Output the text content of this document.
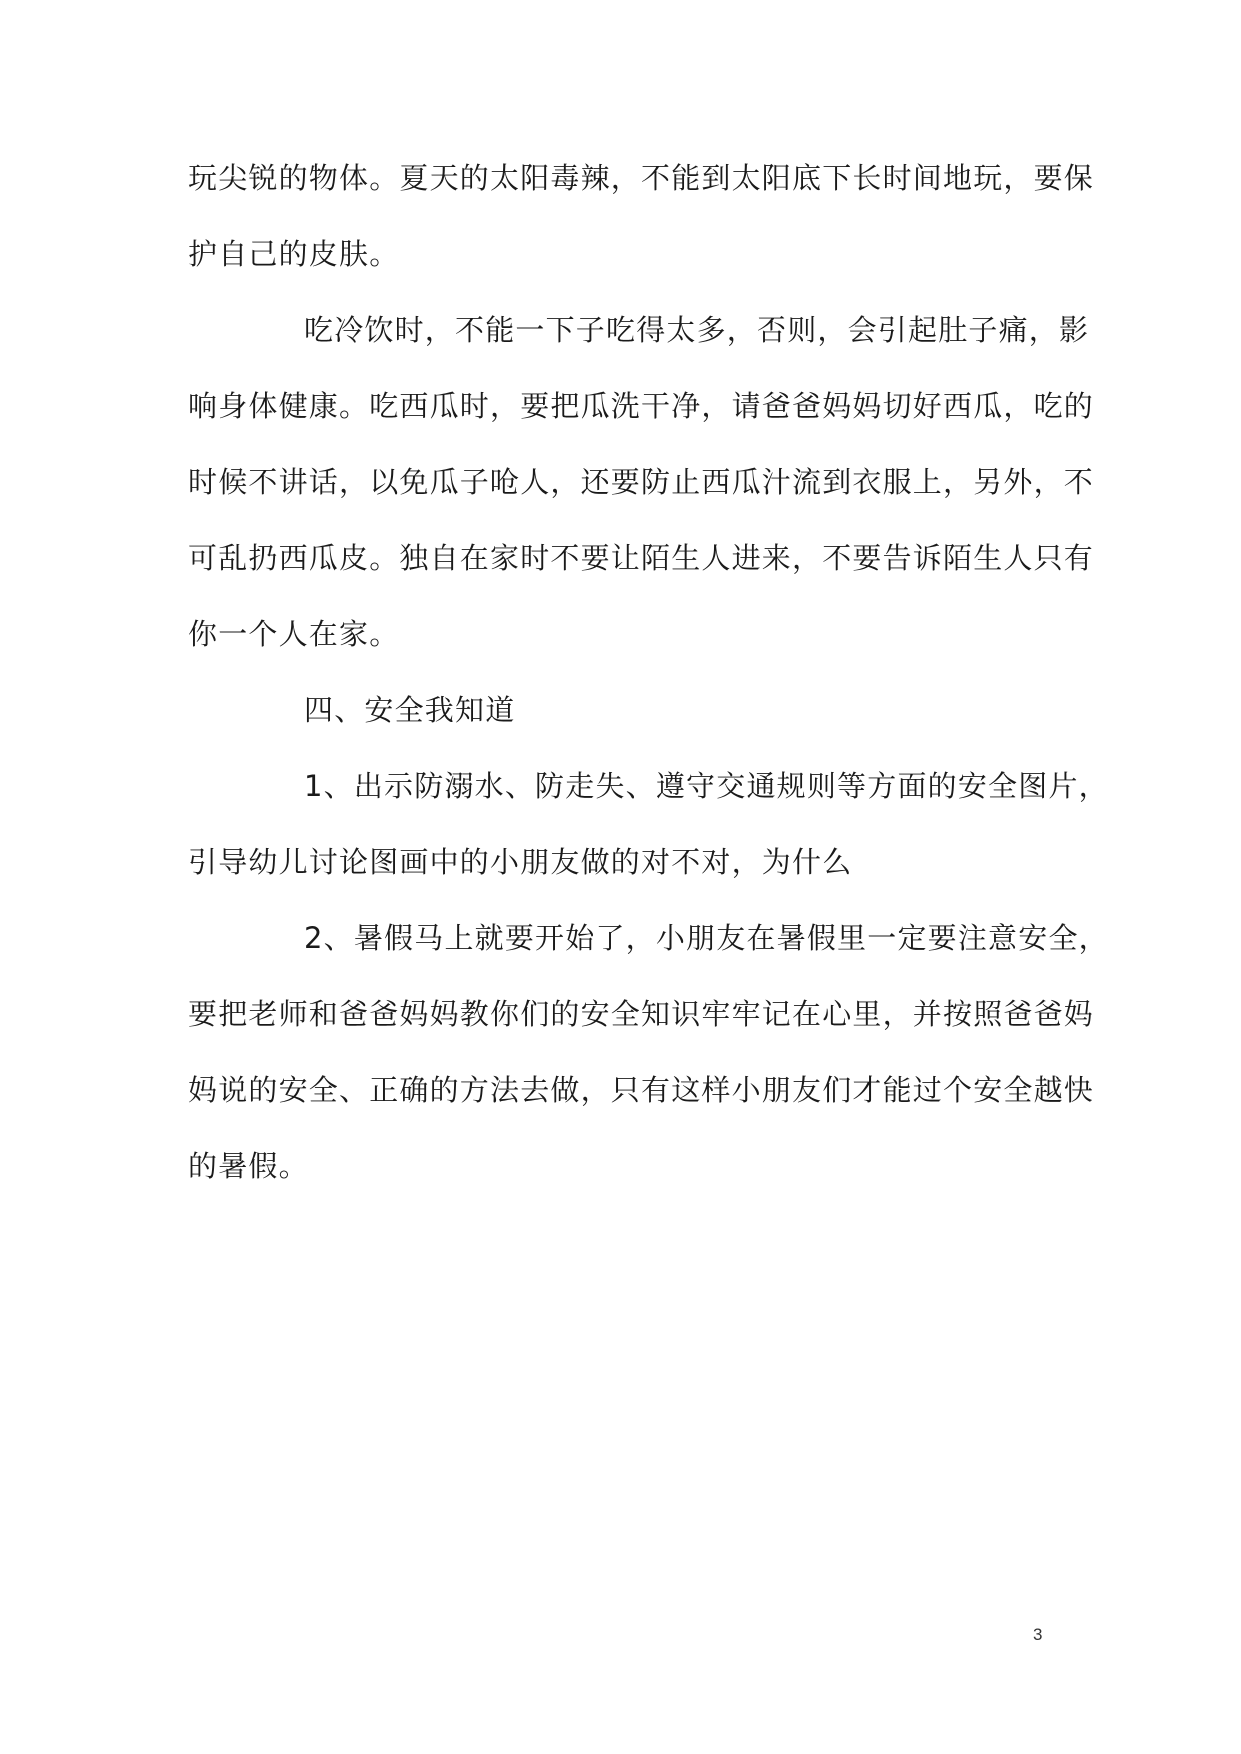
玩尖锐的物体。夏天的太阳毒辣，不能到太阳底下长时间地玩，要保
护自己的皮肤。
吃冷饮时，不能一下子吃得太多，否则，会引起肚子痛，影
响身体健康。吃西瓜时，要把瓜洗干净，请爸爸妈妈切好西瓜，吃的
时候不讲话，以免瓜子呛人，还要防止西瓜汁流到衣服上，另外，不
可乱扔西瓜皮。独自在家时不要让陌生人进来，不要告诉陌生人只有
你一个人在家。
四、安全我知道
1、出示防溺水、防走失、遵守交通规则等方面的安全图片，
引导幼儿讨论图画中的小朋友做的对不对，为什么
2、暑假马上就要开始了，小朋友在暑假里一定要注意安全，
要把老师和爸爸妈妈教你们的安全知识牢牢记在心里，并按照爸爸妈
妈说的安全、正确的方法去做，只有这样小朋友们才能过个安全越快
的暑假。
3
